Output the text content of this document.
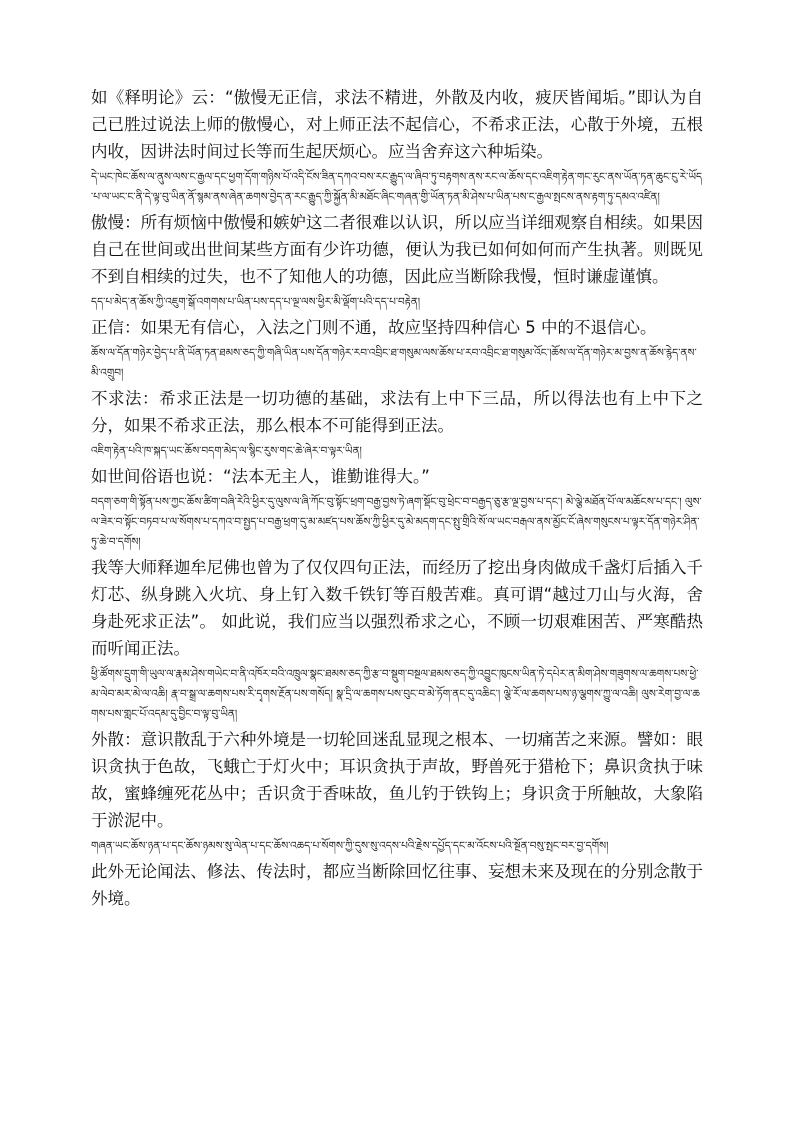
如《释明论》云：“傲慢无正信，求法不精进，外散及内收，疲厌皆闻垢。”即认为自己已胜过说法上师的傲慢心，对上师正法不起信心，不希求正法，心散于外境，五根内收，因讲法时间过长等而生起厌烦心。应当舍弃这六种垢染。

དེ་ཡང་ཁེང་ཆོས་ལ་ནུས་ལས་ང་རྒྱལ་དང་ཕྱག་དོག་གཉིས་པོ་འདི་ངོས་ཟིན་དཀའ་བས་རང་རྒྱུད་ལ་ཞིབ་ཏུ་བརྟགས་ནས་རང་ལ་ཆོས་དང་འཇིག་རྟེན་གང་རུང་ནས་ཡོན་ཏན་ཆུང་ངུ་རེ་ཡོད་པ་ལ་ཡང་ང་ནི་དེ་ལྟ་བུ་ཡིན་ནོ་སྙམ་ནས་ཞེན་ཆགས་བྱེད་ན་རང་རྒྱུད་ཀྱི་སྐྱོན་མི་མཐོང་ཞིང་གཞན་གྱི་ཡོན་ཏན་མི་ཤེས་པ་ཡིན་པས་ང་རྒྱལ་སྤངས་ནས་རྟག་ཏུ་དམའ་འཛིན།

傲慢：所有烦恼中傲慢和嫉妒这二者很难以认识，所以应当详细观察自相续。如果因自己在世间或出世间某些方面有少许功德，便认为我已如何如何而产生执著。则既见不到自相续的过失，也不了知他人的功德，因此应当断除我慢，恒时谦虚谨慎。

དད་པ་མེད་ན་ཆོས་ཀྱི་འཇུག་སྒོ་འགགས་པ་ཡིན་པས་དད་པ་ལྔ་ལས་ཕྱིར་མི་ལྡོག་པའི་དད་པ་བརྟེན།

正信：如果无有信心，入法之门则不通，故应坚持四种信心 5 中的不退信心。

ཆོས་ལ་དོན་གཉེར་བྱེད་པ་ནི་ཡོན་ཏན་ཐམས་ཅད་ཀྱི་གཞི་ཡིན་པས་དོན་གཉེར་རབ་འབྲིང་ཐ་གསུམ་ལས་ཆོས་པ་རབ་འབྲིང་ཐ་གསུམ་འོང་།ཆོས་ལ་དོན་གཉེར་མ་བྱས་ན་ཆོས་རྙེད་ནས་མི་འགྲུབ།

不求法：希求正法是一切功德的基础，求法有上中下三品，所以得法也有上中下之分，如果不希求正法，那么根本不可能得到正法。

འཇིག་རྟེན་པའི་ཁ་སྐད་ཡང་ཆོས་བདག་མེད་ལ་སྙིང་རུས་གང་ཆེ་ཞེར་བ་ལྟར་ཡིན།

如世间俗语也说：“法本无主人，谁勤谁得大。”

བདག་ཅག་གི་སྟོན་པས་ཀྱང་ཆོས་ཚིག་བཞི་རེའི་ཕྱིར་དུ་ལུས་ལ་ཞི་ཀོང་བུ་སྟོང་ཕྲག་བརྒྱ་བྱས་ཏེ་ཞག་སྡོང་བུ་ཕྲེང་བ་བརྒྱད་ཅུ་རྩ་ལྔ་བྱས་པ་དང་། མེ་ལྕེ་མཐོན་པོ་ལ་མཆོངས་པ་དང་། ལུས་ལ་ཟེར་བ་སྟོང་བཏབ་པ་ལ་སོགས་པ་དཀའ་བ་སྤྱད་པ་བརྒྱ་ཕྲག་དུ་མ་མཛད་པས་ཆོས་ཀྱི་ཕྱིར་དུ་མེ་མདག་དང་སྤུ་གྲིའི་སོ་ལ་ཡང་བརྒལ་ནས་མྱོང་ངོ་ཞེས་གསུངས་པ་ལྟར་དོན་གཉེར་ཤིན་ཏུ་ཆེ་བ་དགོས།

我等大师释迦牟尼佛也曾为了仅仅四句正法，而经历了挖出身肉做成千盏灯后插入千灯芯、纵身跳入火坑、身上钉入数千铁钉等百般苦难。真可谓“越过刀山与火海，舍身赴死求正法”。 如此说，我们应当以强烈希求之心，不顾一切艰难困苦、严寒酷热而听闻正法。

ཕྱི་ཚོགས་དྲུག་གི་ཡུལ་ལ་རྣམ་ཤེས་གཡེང་བ་ནི་འཁོར་བའི་འཁྲུལ་སྣང་ཐམས་ཅད་ཀྱི་རྩ་བ་སྡུག་བསྔལ་ཐམས་ཅད་ཀྱི་འབྱུང་ཁུངས་ཡིན་ཏེ་དཔེར་ན་མིག་ཤེས་གཟུགས་ལ་ཆགས་པས་ཕྱེ་མ་ལེབ་མར་མེ་ལ་འཆི། རྣ་བ་སྒྲ་ལ་ཆགས་པས་རི་དྭགས་རྔོན་པས་གསོད། སྣ་དྲི་ལ་ཆགས་པས་བུང་བ་མེ་ཏོག་ནང་དུ་འཆིང་། ལྕེ་རོ་ལ་ཆགས་པས་ཉ་ལྕགས་ཀྱུ་ལ་འཆི། ལུས་རེག་བྱ་ལ་ཆགས་པས་གླང་པོ་འདམ་དུ་བྱིང་བ་ལྟ་བུ་ཡིན།

外散：意识散乱于六种外境是一切轮回迷乱显现之根本、一切痛苦之来源。譬如：眼识贪执于色故，飞蛾亡于灯火中；耳识贪执于声故，野兽死于猎枪下；鼻识贪执于味故，蜜蜂缠死花丛中；舌识贪于香味故，鱼儿钓于铁钩上；身识贪于所触故，大象陷于淤泥中。

གཞན་ཡང་ཆོས་ཉན་པ་དང་ཆོས་ཉམས་སུ་ལེན་པ་དང་ཆོས་འཆད་པ་སོགས་ཀྱི་དུས་སུ་འདས་པའི་རྗེས་དཔྱོད་དང་མ་འོངས་པའི་སྔོན་བསུ་སྤང་བར་བྱ་དགོས།

此外无论闻法、修法、传法时，都应当断除回忆往事、妄想未来及现在的分别念散于外境。
